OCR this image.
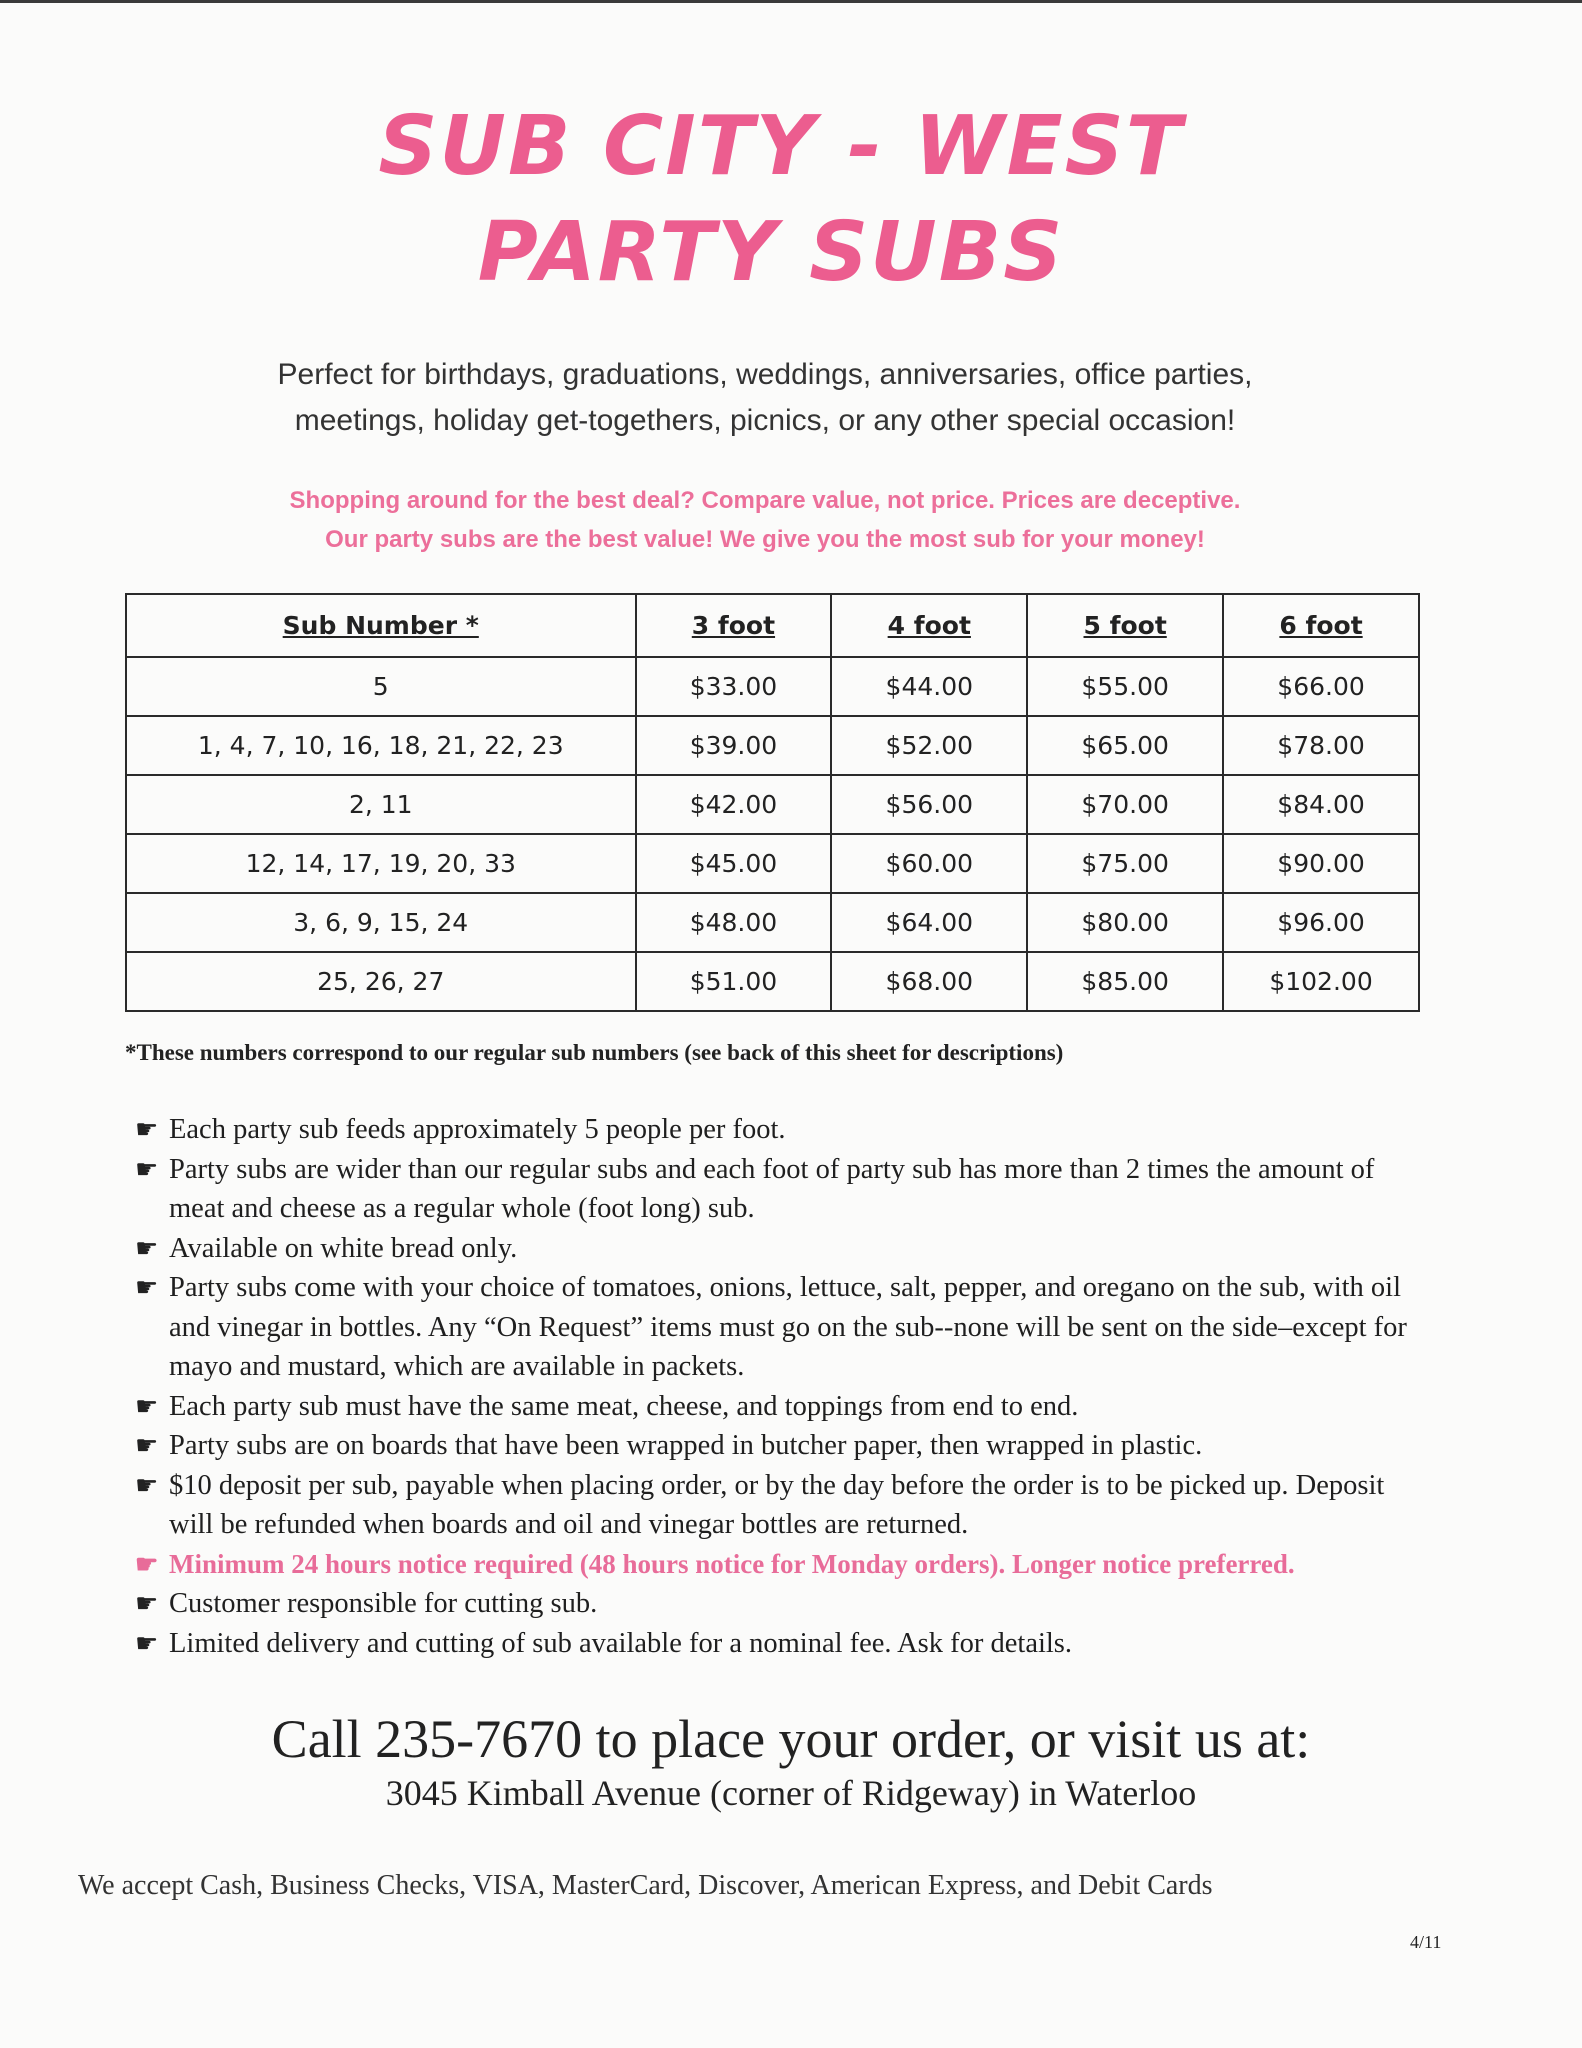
SUB CITY - WEST
PARTY SUBS
Perfect for birthdays, graduations, weddings, anniversaries, office parties,
meetings, holiday get-togethers, picnics, or any other special occasion!
Shopping around for the best deal? Compare value, not price. Prices are deceptive.
Our party subs are the best value! We give you the most sub for your money!
Sub Number *	3 foot	4 foot	5 foot	6 foot
5	$33.00	$44.00	$55.00	$66.00
1, 4, 7, 10, 16, 18, 21, 22, 23	$39.00	$52.00	$65.00	$78.00
2, 11	$42.00	$56.00	$70.00	$84.00
12, 14, 17, 19, 20, 33	$45.00	$60.00	$75.00	$90.00
3, 6, 9, 15, 24	$48.00	$64.00	$80.00	$96.00
25, 26, 27	$51.00	$68.00	$85.00	$102.00
*These numbers correspond to our regular sub numbers (see back of this sheet for descriptions)
☛ Each party sub feeds approximately 5 people per foot.
☛ Party subs are wider than our regular subs and each foot of party sub has more than 2 times the amount of meat and cheese as a regular whole (foot long) sub.
☛ Available on white bread only.
☛ Party subs come with your choice of tomatoes, onions, lettuce, salt, pepper, and oregano on the sub, with oil and vinegar in bottles. Any “On Request” items must go on the sub--none will be sent on the side–except for mayo and mustard, which are available in packets.
☛ Each party sub must have the same meat, cheese, and toppings from end to end.
☛ Party subs are on boards that have been wrapped in butcher paper, then wrapped in plastic.
☛ $10 deposit per sub, payable when placing order, or by the day before the order is to be picked up. Deposit will be refunded when boards and oil and vinegar bottles are returned.
☛ Minimum 24 hours notice required (48 hours notice for Monday orders). Longer notice preferred.
☛ Customer responsible for cutting sub.
☛ Limited delivery and cutting of sub available for a nominal fee. Ask for details.
Call 235-7670 to place your order, or visit us at:
3045 Kimball Avenue (corner of Ridgeway) in Waterloo
We accept Cash, Business Checks, VISA, MasterCard, Discover, American Express, and Debit Cards
4/11
